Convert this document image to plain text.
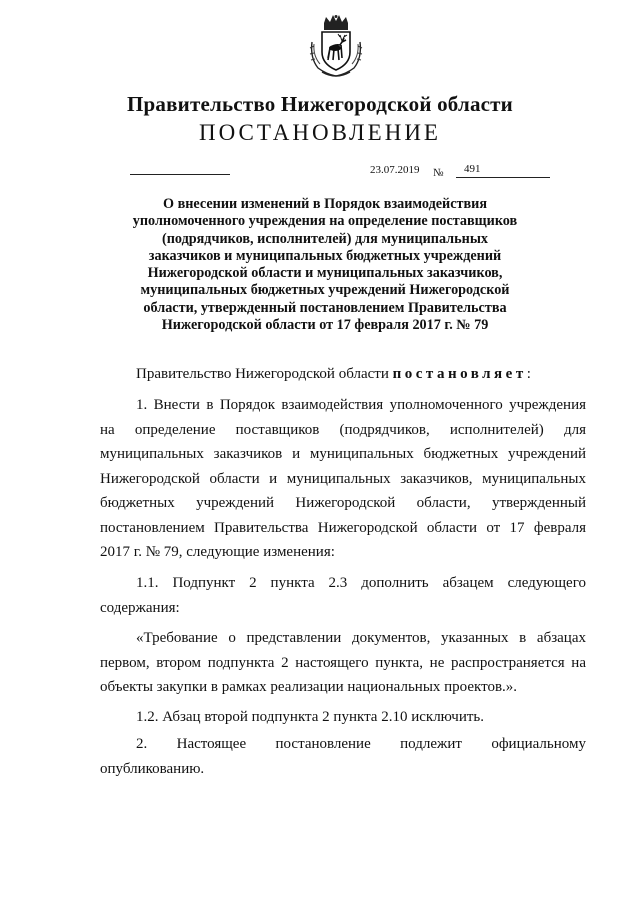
Правительство Нижегородской области
ПОСТАНОВЛЕНИЕ
23.07.2019 №	491
О внесении изменений в Порядок взаимодействия
уполномоченного учреждения на определение поставщиков
(подрядчиков, исполнителей) для муниципальных
заказчиков и муниципальных бюджетных учреждений
Нижегородской области и муниципальных заказчиков,
муниципальных бюджетных учреждений Нижегородской
области, утвержденный постановлением Правительства
Нижегородской области от 17 февраля 2017 г. № 79

Правительство Нижегородской области постановляет:

1. Внести в Порядок взаимодействия уполномоченного учреждения
на определение поставщиков (подрядчиков, исполнителей) для
муниципальных заказчиков и муниципальных бюджетных учреждений
Нижегородской области и муниципальных заказчиков, муниципальных
бюджетных учреждений Нижегородской области, утвержденный
постановлением Правительства Нижегородской области от 17 февраля
2017 г. № 79, следующие изменения:
1.1. Подпункт 2 пункта 2.3 дополнить абзацем следующего
содержания:
«Требование о представлении документов, указанных в абзацах
первом, втором подпункта 2 настоящего пункта, не распространяется на
объекты закупки в рамках реализации национальных проектов.».
1.2. Абзац второй подпункта 2 пункта 2.10 исключить.
2. Настоящее постановление подлежит официальному
опубликованию.
